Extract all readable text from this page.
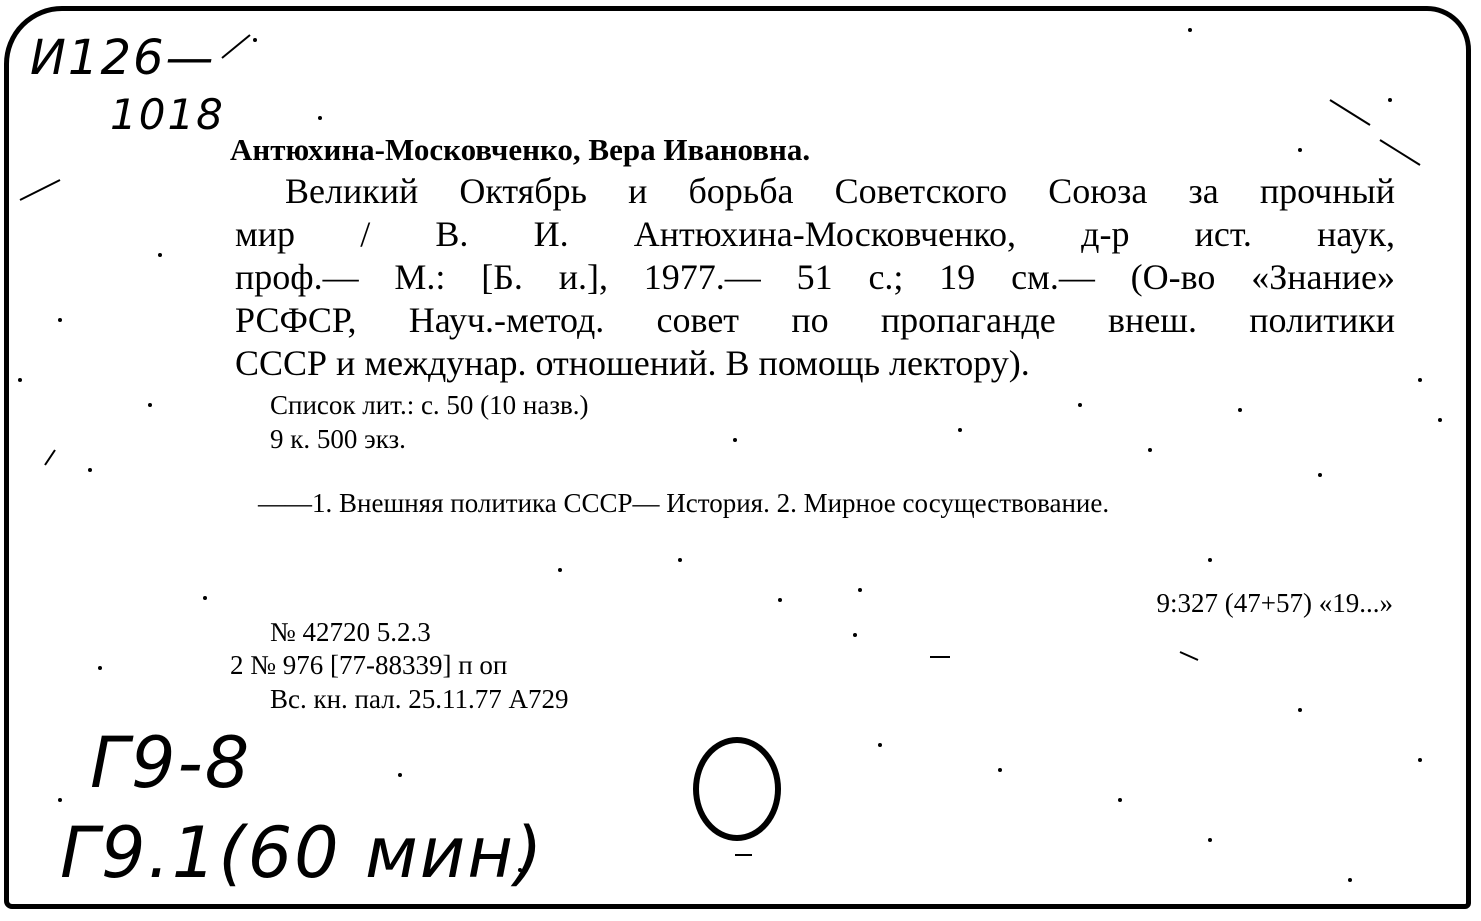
И126—
1018
Антюхина-Московченко, Вера Ивановна.
Великий Октябрь и борьба Советского Союза за прочный
мир / В. И. Антюхина-Московченко, д-р ист. наук,
проф.— М.: [Б. и.], 1977.— 51 с.; 19 см.— (О-во «Знание»
РСФСР, Науч.-метод. совет по пропаганде внеш. политики
СССР и междунар. отношений. В помощь лектору).
Список лит.: с. 50 (10 назв.)
9 к. 500 экз.
——1. Внешняя политика СССР— История. 2. Мирное сосуществование.
9:327 (47+57) «19...»
№ 42720 5.2.3
2 № 976 [77-88339] п оп
Вс. кн. пал. 25.11.77 А729
Г9-8
Г9.1(60 мин)
